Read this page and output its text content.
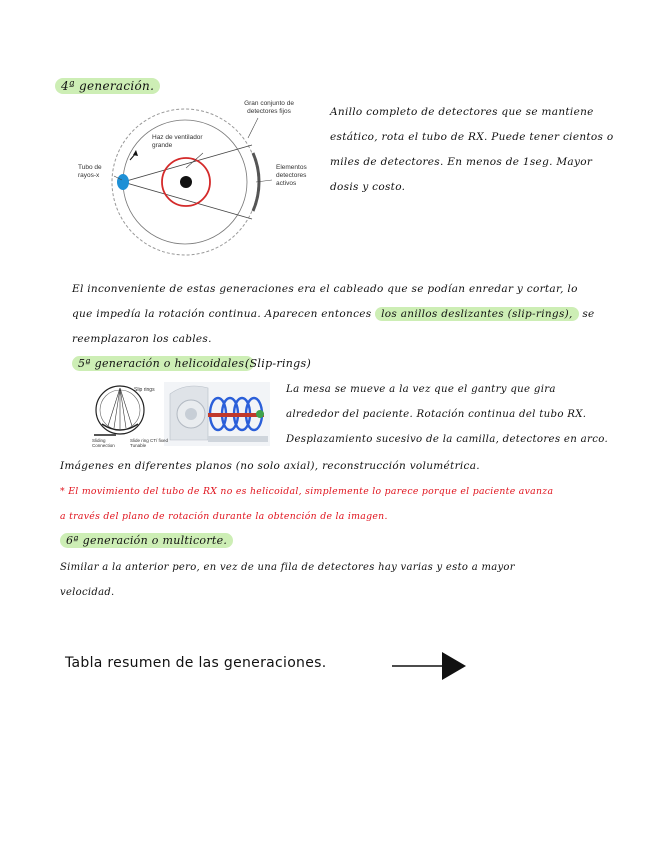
4ª generación.
Gran conjunto de
detectores fijos
Haz de ventilador
grande
Tubo de
rayos-x
Elementos
detectores
activos
Anillo completo de detectores que se mantiene
estático, rota el tubo de RX. Puede tener cientos o
miles de detectores. En menos de 1seg. Mayor
dosis y costo.
El inconveniente de estas generaciones era el cableado que se podían enredar y cortar, lo
que impedía la rotación continua. Aparecen entonces los anillos deslizantes (slip-rings), se
reemplazaron los cables.
5ª generación o helicoidales.
(Slip-rings)
Slip rings
Sliding
Connection
Slide ring CT/ fixed
Tunable
La mesa se mueve a la vez que el gantry que gira
alrededor del paciente. Rotación continua del tubo RX.
Desplazamiento sucesivo de la camilla, detectores en arco.
Imágenes en diferentes planos (no solo axial), reconstrucción volumétrica.
* El movimiento del tubo de RX no es helicoidal, simplemente lo parece porque el paciente avanza
a través del plano de rotación durante la obtención de la imagen.
6ª generación o multicorte.
Similar a la anterior pero, en vez de una fila de detectores hay varias y esto a mayor
velocidad.
Tabla resumen de las generaciones.
